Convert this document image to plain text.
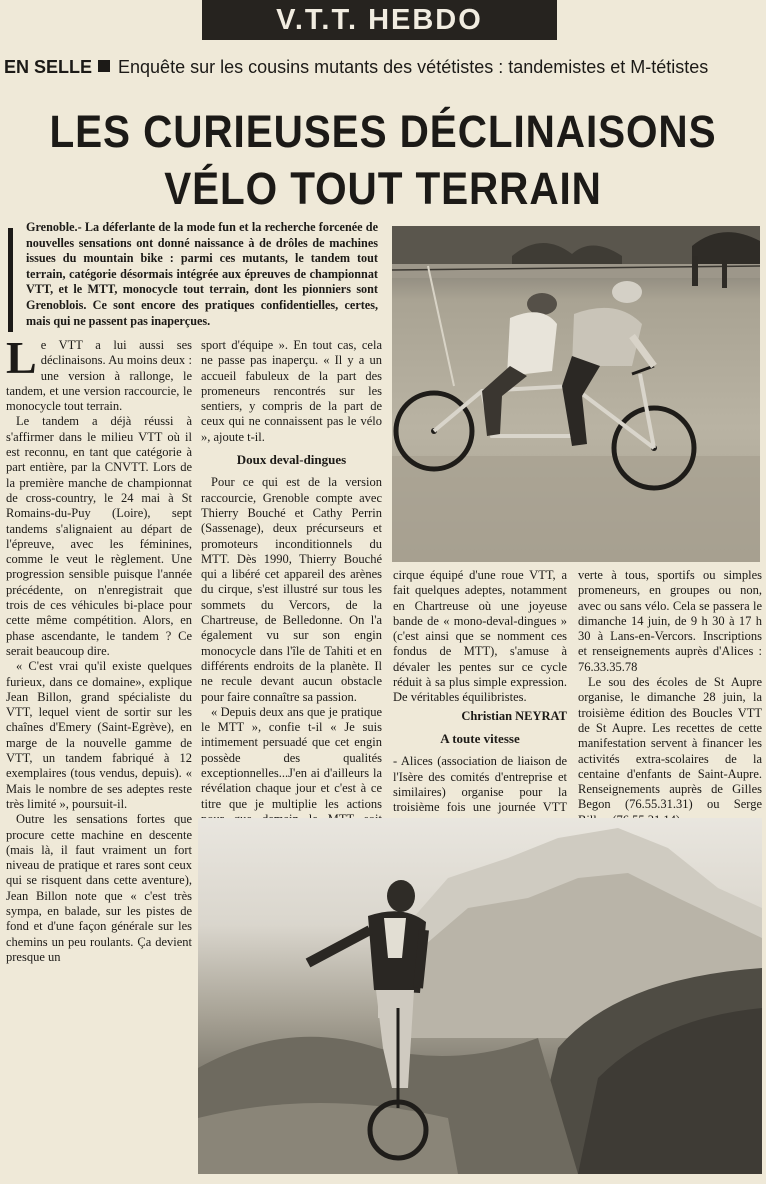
V.T.T. HEBDO
EN SELLE Enquête sur les cousins mutants des vététistes : tandemistes et M-tétistes
LES CURIEUSES DÉCLINAISONS
VÉLO TOUT TERRAIN
Grenoble.- La déferlante de la mode fun et la recherche forcenée de nouvelles sensations ont donné naissance à de drôles de machines issues du mountain bike : parmi ces mutants, le tandem tout terrain, catégorie désormais intégrée aux épreuves de championnat VTT, et le MTT, monocycle tout terrain, dont les pionniers sont Grenoblois. Ce sont encore des pratiques confidentielles, certes, mais qui ne passent pas inaperçues.

Le VTT a lui aussi ses déclinaisons. Au moins deux : une version à rallonge, le tandem, et une version raccourcie, le monocycle tout terrain.

Le tandem a déjà réussi à s'affirmer dans le milieu VTT où il est reconnu, en tant que catégorie à part entière, par la CNVTT. Lors de la première manche de championnat de cross-country, le 24 mai à St Romains-du-Puy (Loire), sept tandems s'alignaient au départ de l'épreuve, avec les féminines, comme le veut le règlement. Une progression sensible puisque l'année précédente, on n'enregistrait que trois de ces véhicules bi-place pour cette même compétition. Alors, en phase ascendante, le tandem ? Ce serait beaucoup dire.

« C'est vrai qu'il existe quelques furieux, dans ce domaine», explique Jean Billon, grand spécialiste du VTT, lequel vient de sortir sur les chaînes d'Emery (Saint-Egrève), en marge de la nouvelle gamme de VTT, un tandem fabriqué à 12 exemplaires (tous vendus, depuis). « Mais le nombre de ses adeptes reste très limité », poursuit-il.

Outre les sensations fortes que procure cette machine en descente (mais là, il faut vraiment un fort niveau de pratique et rares sont ceux qui se risquent dans cette aventure), Jean Billon note que « c'est très sympa, en balade, sur les pistes de fond et d'une façon générale sur les chemins un peu roulants. Ça devient presque un

sport d'équipe ». En tout cas, cela ne passe pas inaperçu. « Il y a un accueil fabuleux de la part des promeneurs rencontrés sur les sentiers, y compris de la part de ceux qui ne connaissent pas le vélo », ajoute t-il.

Doux deval-dingues

Pour ce qui est de la version raccourcie, Grenoble compte avec Thierry Bouché et Cathy Perrin (Sassenage), deux précurseurs et promoteurs inconditionnels du MTT. Dès 1990, Thierry Bouché qui a libéré cet appareil des arènes du cirque, s'est illustré sur tous les sommets du Vercors, de la Chartreuse, de Belledonne. On l'a également vu sur son engin monocycle dans l'île de Tahiti et en différents endroits de la planète. Il ne recule devant aucun obstacle pour faire connaître sa passion.

« Depuis deux ans que je pratique le MTT », confie t-il « Je suis intimement persuadé que cet engin possède des qualités exceptionnelles...J'en ai d'ailleurs la révélation chaque jour et c'est à ce titre que je multiplie les actions

cirque équipé d'une roue VTT, a fait quelques adeptes, notamment en Chartreuse où une joyeuse bande de « mono-deval-dingues » (c'est ainsi que se nomment ces fondus de MTT), s'amuse à dévaler les pentes sur ce cycle réduit à sa plus simple expression. De véritables équilibristes.

Christian NEYRAT
A toute vitesse

- Alices (association de liaison de l'Isère des comités d'entreprise et similaires) organise pour la troisième fois une journée VTT

verte à tous, sportifs ou simples promeneurs, en groupes ou non, avec ou sans vélo. Cela se passera le dimanche 14 juin, de 9 h 30 à 17 h 30 à Lans-en-Vercors. Inscriptions et renseignements auprès d'Alices : 76.33.35.78

Le sou des écoles de St Aupre organise, le dimanche 28 juin, la troisième édition des Boucles VTT de St Aupre. Les recettes de cette manifestation servent à financer les activités extra-scolaires de la centaine d'enfants de Saint-Aupre. Renseignements auprès de Gilles Begon (76.55.31.31) ou Serge
